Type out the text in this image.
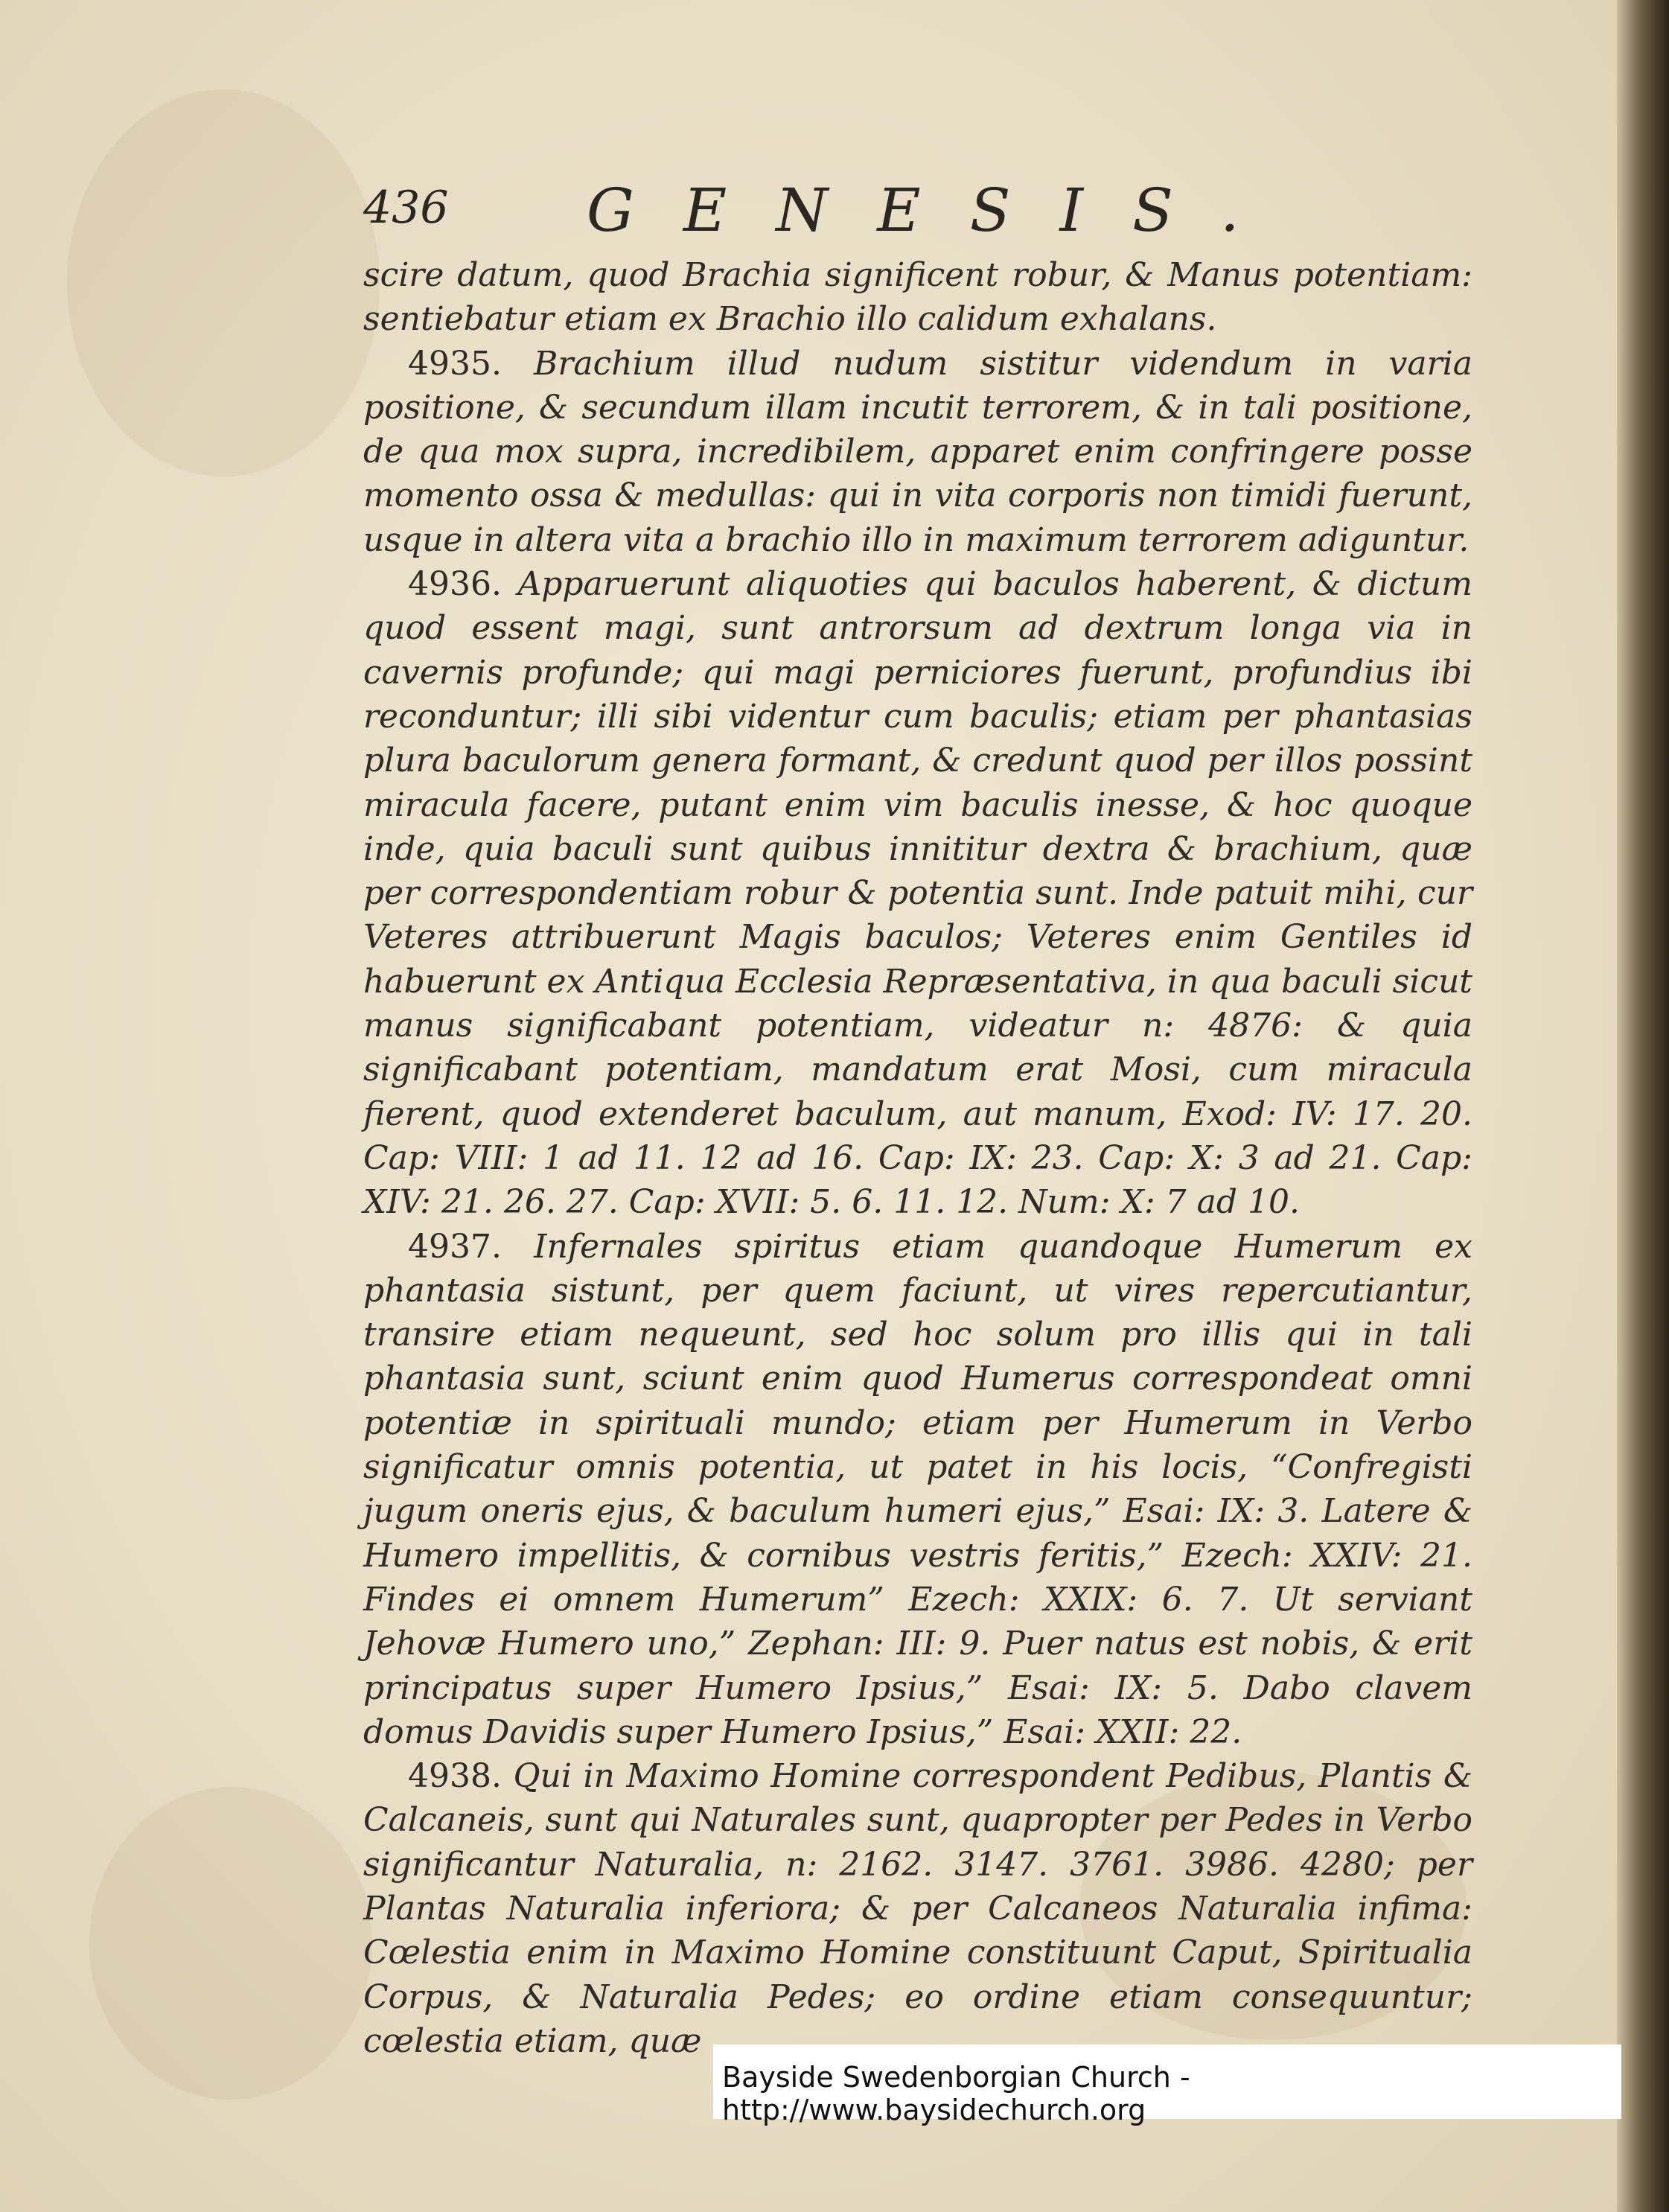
436 GENESIS.

scire datum, quod Brachia significent robur, & Manus potentiam: sentiebatur etiam ex Brachio illo calidum exhalans.

4935. Brachium illud nudum sistitur videndum in varia positione, & secundum illam incutit terrorem, & in tali positione, de qua mox supra, incredibilem, apparet enim confringere posse momento ossa & medullas: qui in vita corporis non timidi fuerunt, usque in altera vita a brachio illo in maximum terrorem adiguntur.

4936. Apparuerunt aliquoties qui baculos haberent, & dictum quod essent magi, sunt antrorsum ad dextrum longa via in cavernis profunde; qui magi perniciores fuerunt, profundius ibi reconduntur; illi sibi videntur cum baculis; etiam per phantasias plura baculorum genera formant, & credunt quod per illos possint miracula facere, putant enim vim baculis inesse, & hoc quoque inde, quia baculi sunt quibus innititur dextra & brachium, quæ per correspondentiam robur & potentia sunt. Inde patuit mihi, cur Veteres attribuerunt Magis baculos; Veteres enim Gentiles id habuerunt ex Antiqua Ecclesia Repræsentativa, in qua baculi sicut manus significabant potentiam, videatur n: 4876: & quia significabant potentiam, mandatum erat Mosi, cum miracula fierent, quod extenderet baculum, aut manum, Exod: IV: 17. 20. Cap: VIII: 1 ad 11. 12 ad 16. Cap: IX: 23. Cap: X: 3 ad 21. Cap: XIV: 21. 26. 27. Cap: XVII: 5. 6. 11. 12. Num: X: 7 ad 10.

4937. Infernales spiritus etiam quandoque Humerum ex phantasia sistunt, per quem faciunt, ut vires repercutiantur, transire etiam nequeunt, sed hoc solum pro illis qui in tali phantasia sunt, sciunt enim quod Humerus correspondeat omni potentiæ in spirituali mundo; etiam per Humerum in Verbo significatur omnis potentia, ut patet in his locis, “Confregisti jugum oneris ejus, & baculum humeri ejus,” Esai: IX: 3. Latere & Humero impellitis, & cornibus vestris feritis,” Ezech: XXIV: 21. Findes ei omnem Humerum” Ezech: XXIX: 6. 7. Ut serviant Jehovæ Humero uno,” Zephan: III: 9. Puer natus est nobis, & erit principatus super Humero Ipsius,” Esai: IX: 5. Dabo clavem domus Davidis super Humero Ipsius,” Esai: XXII: 22.

4938. Qui in Maximo Homine correspondent Pedibus, Plantis & Calcaneis, sunt qui Naturales sunt, quapropter per Pedes in Verbo significantur Naturalia, n: 2162. 3147. 3761. 3986. 4280; per Plantas Naturalia inferiora; & per Calcaneos Naturalia infima: Cœlestia enim in Maximo Homine constituunt Caput, Spiritualia Corpus, & Naturalia Pedes; eo ordine etiam consequuntur; cœlestia etiam, quæ

Bayside Swedenborgian Church - http://www.baysidechurch.org
